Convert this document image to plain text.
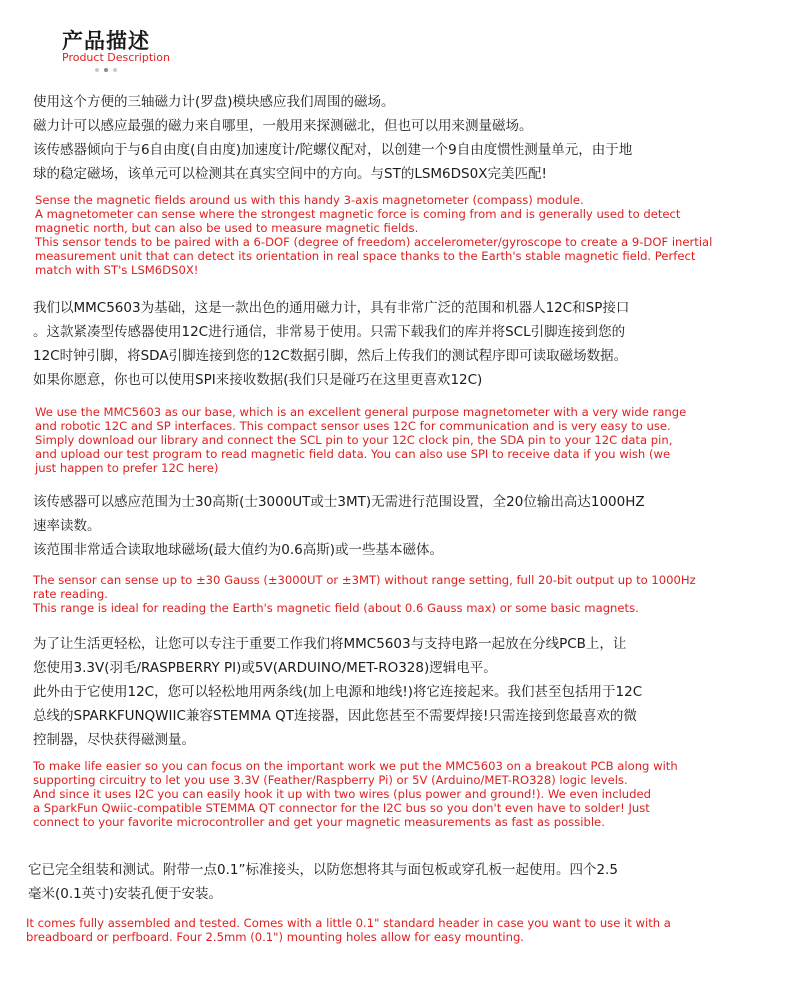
产品描述
Product Description
使用这个方便的三轴磁力计(罗盘)模块感应我们周围的磁场。
磁力计可以感应最强的磁力来自哪里，一般用来探测磁北，但也可以用来测量磁场。
该传感器倾向于与6自由度(自由度)加速度计/陀螺仪配对，以创建一个9自由度惯性测量单元，由于地
球的稳定磁场，该单元可以检测其在真实空间中的方向。与ST的LSM6DS0X完美匹配!
Sense the magnetic fields around us with this handy 3-axis magnetometer (compass) module.
A magnetometer can sense where the strongest magnetic force is coming from and is generally used to detect
magnetic north, but can also be used to measure magnetic fields.
This sensor tends to be paired with a 6-DOF (degree of freedom) accelerometer/gyroscope to create a 9-DOF inertial
measurement unit that can detect its orientation in real space thanks to the Earth's stable magnetic field. Perfect
match with ST's LSM6DS0X!
我们以MMC5603为基础，这是一款出色的通用磁力计，具有非常广泛的范围和机器人12C和SP接口
。这款紧凑型传感器使用12C进行通信，非常易于使用。只需下载我们的库并将SCL引脚连接到您的
12C时钟引脚，将SDA引脚连接到您的12C数据引脚，然后上传我们的测试程序即可读取磁场数据。
如果你愿意，你也可以使用SPI来接收数据(我们只是碰巧在这里更喜欢12C)
We use the MMC5603 as our base, which is an excellent general purpose magnetometer with a very wide range
and robotic 12C and SP interfaces. This compact sensor uses 12C for communication and is very easy to use.
Simply download our library and connect the SCL pin to your 12C clock pin, the SDA pin to your 12C data pin,
and upload our test program to read magnetic field data. You can also use SPI to receive data if you wish (we
just happen to prefer 12C here)
该传感器可以感应范围为士30高斯(士3000UT或士3MT)无需进行范围设置，全20位输出高达1000HZ
速率读数。
该范围非常适合读取地球磁场(最大值约为0.6高斯)或一些基本磁体。
The sensor can sense up to ±30 Gauss (±3000UT or ±3MT) without range setting, full 20-bit output up to 1000Hz
rate reading.
This range is ideal for reading the Earth's magnetic field (about 0.6 Gauss max) or some basic magnets.
为了让生活更轻松，让您可以专注于重要工作我们将MMC5603与支持电路一起放在分线PCB上，让
您使用3.3V(羽毛/RASPBERRY PI)或5V(ARDUINO/MET-RO328)逻辑电平。
此外由于它使用12C，您可以轻松地用两条线(加上电源和地线!)将它连接起来。我们甚至包括用于12C
总线的SPARKFUNQWIIC兼容STEMMA QT连接器，因此您甚至不需要焊接!只需连接到您最喜欢的微
控制器，尽快获得磁测量。
To make life easier so you can focus on the important work we put the MMC5603 on a breakout PCB along with
supporting circuitry to let you use 3.3V (Feather/Raspberry Pi) or 5V (Arduino/MET-RO328) logic levels.
And since it uses I2C you can easily hook it up with two wires (plus power and ground!). We even included
a SparkFun Qwiic-compatible STEMMA QT connector for the I2C bus so you don't even have to solder! Just
connect to your favorite microcontroller and get your magnetic measurements as fast as possible.
它已完全组装和测试。附带一点0.1”标准接头，以防您想将其与面包板或穿孔板一起使用。四个2.5
毫米(0.1英寸)安装孔便于安装。
It comes fully assembled and tested. Comes with a little 0.1" standard header in case you want to use it with a
breadboard or perfboard. Four 2.5mm (0.1") mounting holes allow for easy mounting.
